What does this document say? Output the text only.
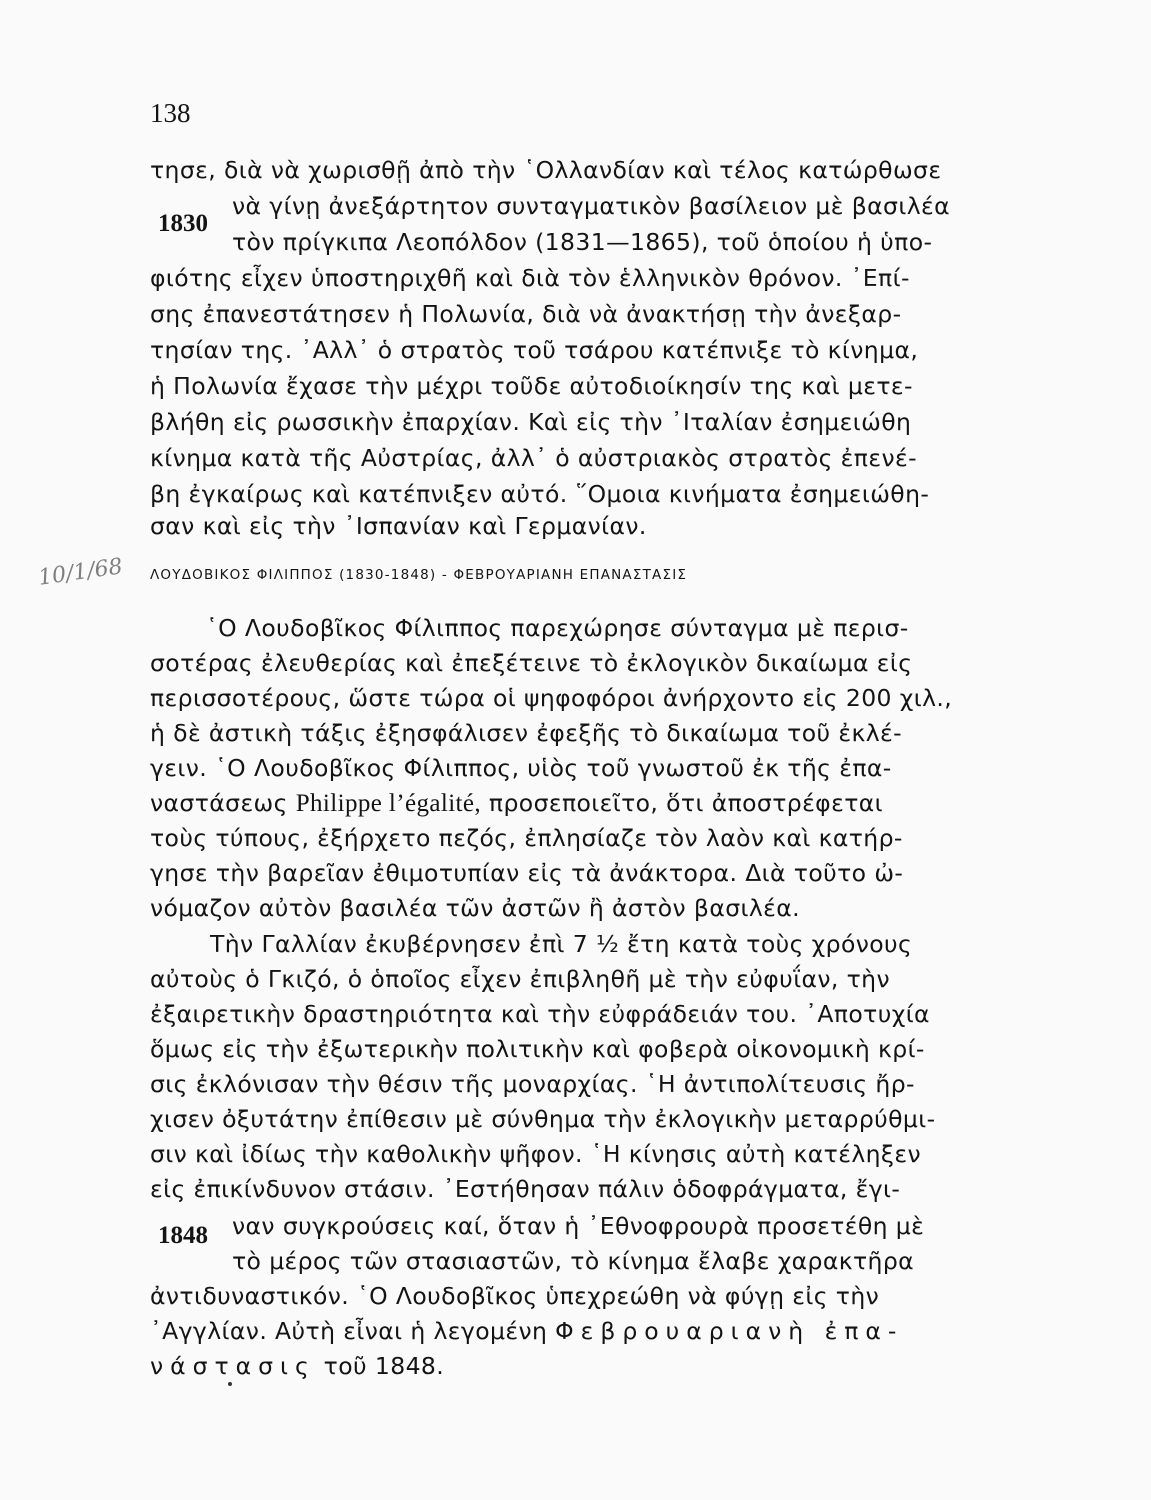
138
τησε, διὰ νὰ χωρισθῇ ἀπὸ τὴν ῾Ολλανδίαν καὶ τέλος κατώρθωσε
νὰ γίνῃ ἀνεξάρτητον συνταγματικὸν βασίλειον μὲ βασιλέα
1830
τὸν πρίγκιπα Λεοπόλδον (1831—1865), τοῦ ὁποίου ἡ ὑπο-
φιότης εἶχεν ὑποστηριχθῆ καὶ διὰ τὸν ἑλληνικὸν θρόνον. ᾽Επί-
σης ἐπανεστάτησεν ἡ Πολωνία, διὰ νὰ ἀνακτήσῃ τὴν ἀνεξαρ-
τησίαν της. ᾽Αλλ᾽ ὁ στρατὸς τοῦ τσάρου κατέπνιξε τὸ κίνημα,
ἡ Πολωνία ἔχασε τὴν μέχρι τοῦδε αὐτοδιοίκησίν της καὶ μετε-
βλήθη εἰς ρωσσικὴν ἐπαρχίαν. Καὶ εἰς τὴν ᾽Ιταλίαν ἐσημειώθη
κίνημα κατὰ τῆς Αὐστρίας, ἀλλ᾽ ὁ αὐστριακὸς στρατὸς ἐπενέ-
βη ἐγκαίρως καὶ κατέπνιξεν αὐτό. ῞Ομοια κινήματα ἐσημειώθη-
σαν καὶ εἰς τὴν ᾽Ισπανίαν καὶ Γερμανίαν.
10/1/68 ΛΟΥΔΟΒΙΚΟΣ ΦΙΛΙΠΠΟΣ (1830-1848) - ΦΕΒΡΟΥΑΡΙΑΝΗ ΕΠΑΝΑΣΤΑΣΙΣ
῾Ο Λουδοβῖκος Φίλιππος παρεχώρησε σύνταγμα μὲ περισ-
σοτέρας ἐλευθερίας καὶ ἐπεξέτεινε τὸ ἐκλογικὸν δικαίωμα εἰς
περισσοτέρους, ὥστε τώρα οἱ ψηφοφόροι ἀνήρχοντο εἰς 200 χιλ.,
ἡ δὲ ἀστικὴ τάξις ἐξησφάλισεν ἐφεξῆς τὸ δικαίωμα τοῦ ἐκλέ-
γειν. ῾Ο Λουδοβῖκος Φίλιππος, υἱὸς τοῦ γνωστοῦ ἐκ τῆς ἐπα-
ναστάσεως Philippe l’égalité, προσεποιεῖτο, ὅτι ἀποστρέφεται
τοὺς τύπους, ἐξήρχετο πεζός, ἐπλησίαζε τὸν λαὸν καὶ κατήρ-
γησε τὴν βαρεῖαν ἐθιμοτυπίαν εἰς τὰ ἀνάκτορα. Διὰ τοῦτο ὠ-
νόμαζον αὐτὸν βασιλέα τῶν ἀστῶν ἢ ἀστὸν βασιλέα.
Τὴν Γαλλίαν ἐκυβέρνησεν ἐπὶ 7 ½ ἔτη κατὰ τοὺς χρόνους
αὐτοὺς ὁ Γκιζό, ὁ ὁποῖος εἶχεν ἐπιβληθῆ μὲ τὴν εὐφυΐαν, τὴν
ἐξαιρετικὴν δραστηριότητα καὶ τὴν εὐφράδειάν του. ᾽Αποτυχία
ὅμως εἰς τὴν ἐξωτερικὴν πολιτικὴν καὶ φοβερὰ οἰκονομικὴ κρί-
σις ἐκλόνισαν τὴν θέσιν τῆς μοναρχίας. ῾Η ἀντιπολίτευσις ἤρ-
χισεν ὀξυτάτην ἐπίθεσιν μὲ σύνθημα τὴν ἐκλογικὴν μεταρρύθμι-
σιν καὶ ἰδίως τὴν καθολικὴν ψῆφον. ῾Η κίνησις αὐτὴ κατέληξεν
εἰς ἐπικίνδυνον στάσιν. ᾽Εστήθησαν πάλιν ὁδοφράγματα, ἔγι-
ναν συγκρούσεις καί, ὅταν ἡ ᾽Εθνοφρουρὰ προσετέθη μὲ
1848
τὸ μέρος τῶν στασιαστῶν, τὸ κίνημα ἔλαβε χαρακτῆρα
ἀντιδυναστικόν. ῾Ο Λουδοβῖκος ὑπεχρεώθη νὰ φύγῃ εἰς τὴν
᾽Αγγλίαν. Αὐτὴ εἶναι ἡ λεγομένη Φεβρουαριανὴ ἐπα-
νάστασις τοῦ 1848.
